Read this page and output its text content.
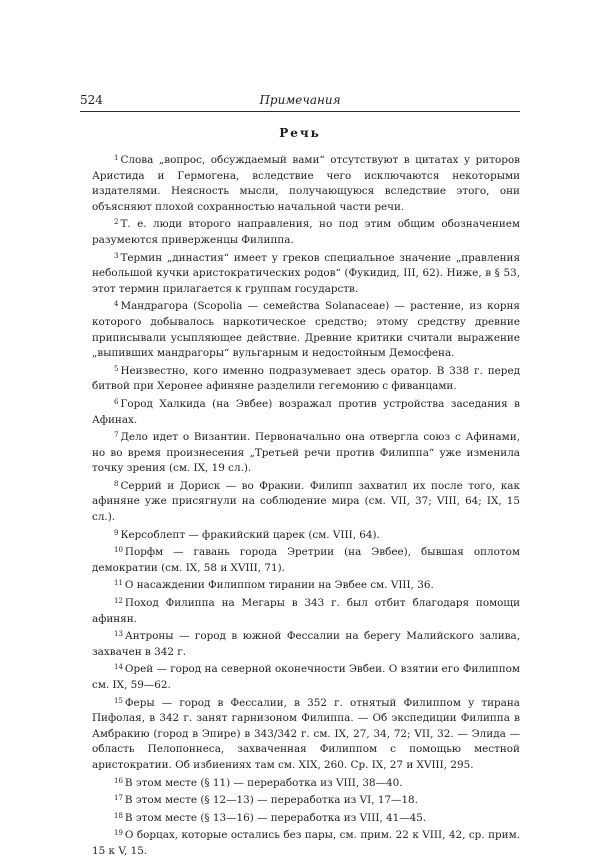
524	Примечания
Речь

$^1$ Слова „вопрос, обсуждаемый вами“ отсутствуют в цитатах у риторов Аристида и Гермогена, вследствие чего исключаются некоторыми издателями. Неясность мысли, получающуюся вследствие этого, они объясняют плохой сохранностью начальной части речи.

$^2$ Т. е. люди второго направления, но под этим общим обозначением разумеются приверженцы Филиппа.

$^3$ Термин „династия“ имеет у греков специальное значение „правления небольшой кучки аристократических родов“ (Фукидид, III, 62). Ниже, в § 53, этот термин прилагается к группам государств.

$^4$ Мандрагора (Scopolia — семейства Solanaceae) — растение, из корня которого добывалось наркотическое средство; этому средству древние приписывали усыпляющее действие. Древние критики считали выражение „выпивших мандрагоры“ вульгарным и недостойным Демосфена.

$^5$ Неизвестно, кого именно подразумевает здесь оратор. В 338 г. перед битвой при Херонее афиняне разделили гегемонию с фиванцами.

$^6$ Город Халкида (на Эвбее) возражал против устройства заседания в Афинах.

$^7$ Дело идет о Византии. Первоначально она отвергла союз с Афинами, но во время произнесения „Третьей речи против Филиппа“ уже изменила точку зрения (см. IX, 19 сл.).

$^8$ Серрий и Дориск — во Фракии. Филипп захватил их после того, как афиняне уже присягнули на соблюдение мира (см. VII, 37; VIII, 64; IX, 15 сл.).

$^9$ Керсоблепт — фракийский царек (см. VIII, 64).

$^{10}$ Порфм — гавань города Эретрии (на Эвбее), бывшая оплотом демократии (см. IX, 58 и XVIII, 71).

$^{11}$ О насаждении Филиппом тирании на Эвбее см. VIII, 36.

$^{12}$ Поход Филиппа на Мегары в 343 г. был отбит благодаря помощи афинян.

$^{13}$ Антроны — город в южной Фессалии на берегу Малийского залива, захвачен в 342 г.

$^{14}$ Орей — город на северной оконечности Эвбеи. О взятии его Филиппом см. IX, 59—62.

$^{15}$ Феры — город в Фессалии, в 352 г. отнятый Филиппом у тирана Пифолая, в 342 г. занят гарнизоном Филиппа. — Об экспедиции Филиппа в Амбракию (город в Эпире) в 343/342 г. см. IX, 27, 34, 72; VII, 32. — Элида — область Пелопоннеса, захваченная Филиппом с помощью местной аристократии. Об избиениях там см. XIX, 260. Ср. IX, 27 и XVIII, 295.

$^{16}$ В этом месте (§ 11) — переработка из VIII, 38—40.

$^{17}$ В этом месте (§ 12—13) — переработка из VI, 17—18.

$^{18}$ В этом месте (§ 13—16) — переработка из VIII, 41—45.

$^{19}$ О борцах, которые остались без пары, см. прим. 22 к VIII, 42, ср. прим. 15 к V, 15.
